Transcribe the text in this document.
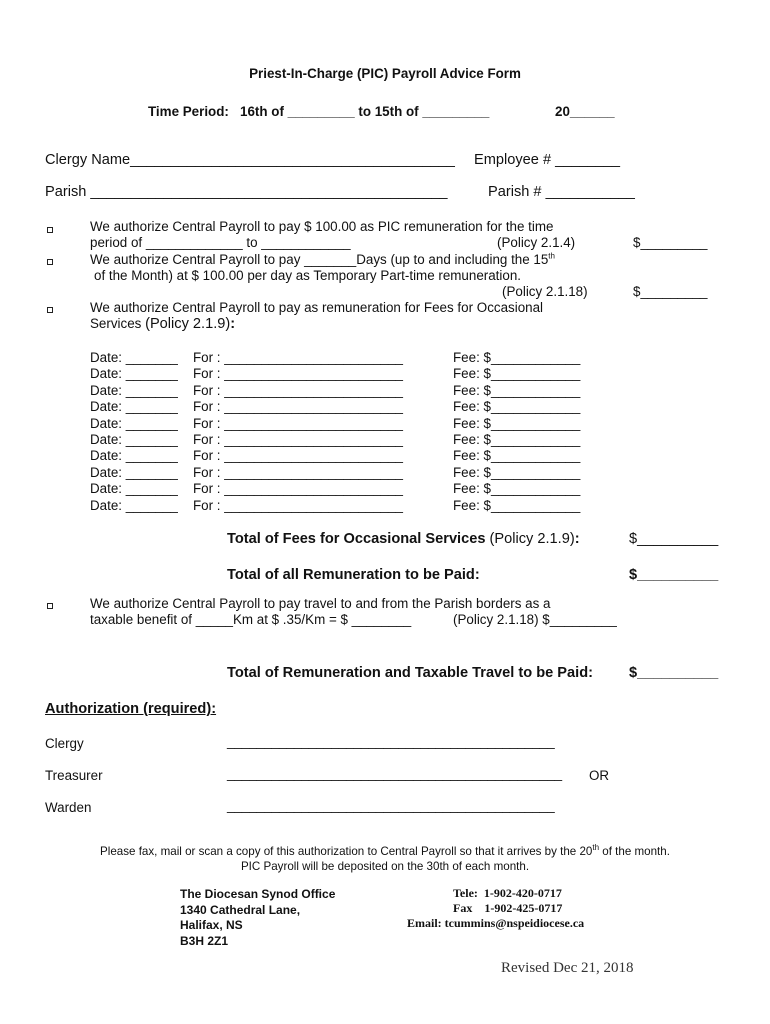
Priest-In-Charge (PIC) Payroll Advice Form
Time Period:   16th of _________ to 15th of _________	20______
Clergy Name________________________________________ Employee # ________
Parish ____________________________________________	Parish # ___________
We authorize Central Payroll to pay $ 100.00 as PIC remuneration for the time
period of _____________ to ____________	(Policy 2.1.4)	$_________
We authorize Central Payroll to pay _______Days (up to and including the 15th
of the Month) at $ 100.00 per day as Temporary Part-time remuneration.
(Policy 2.1.18)	$_________
We authorize Central Payroll to pay as remuneration for Fees for Occasional
Services (Policy 2.1.9):
Date: _______ For : ________________________	Fee: $____________
Date: _______ For : ________________________	Fee: $____________
Date: _______ For : ________________________	Fee: $____________
Date: _______ For : ________________________	Fee: $____________
Date: _______ For : ________________________	Fee: $____________
Date: _______ For : ________________________	Fee: $____________
Date: _______ For : ________________________	Fee: $____________
Date: _______ For : ________________________	Fee: $____________
Date: _______ For : ________________________	Fee: $____________
Date: _______ For : ________________________	Fee: $____________
Total of Fees for Occasional Services (Policy 2.1.9):	$__________
Total of all Remuneration to be Paid:	$__________
We authorize Central Payroll to pay travel to and from the Parish borders as a
taxable benefit of _____Km at $ .35/Km = $ ________	(Policy 2.1.18) $_________
Total of Remuneration and Taxable Travel to be Paid: $__________
Authorization (required):
Clergy	____________________________________________
Treasurer	_____________________________________________ OR
Warden	____________________________________________
Please fax, mail or scan a copy of this authorization to Central Payroll so that it arrives by the 20th of the month.
PIC Payroll will be deposited on the 30th of each month.
The Diocesan Synod Office
1340 Cathedral Lane,
Halifax, NS
B3H 2Z1
Tele:  1-902-420-0717
Fax    1-902-425-0717
Email: tcummins@nspeidiocese.ca
Revised Dec 21, 2018
